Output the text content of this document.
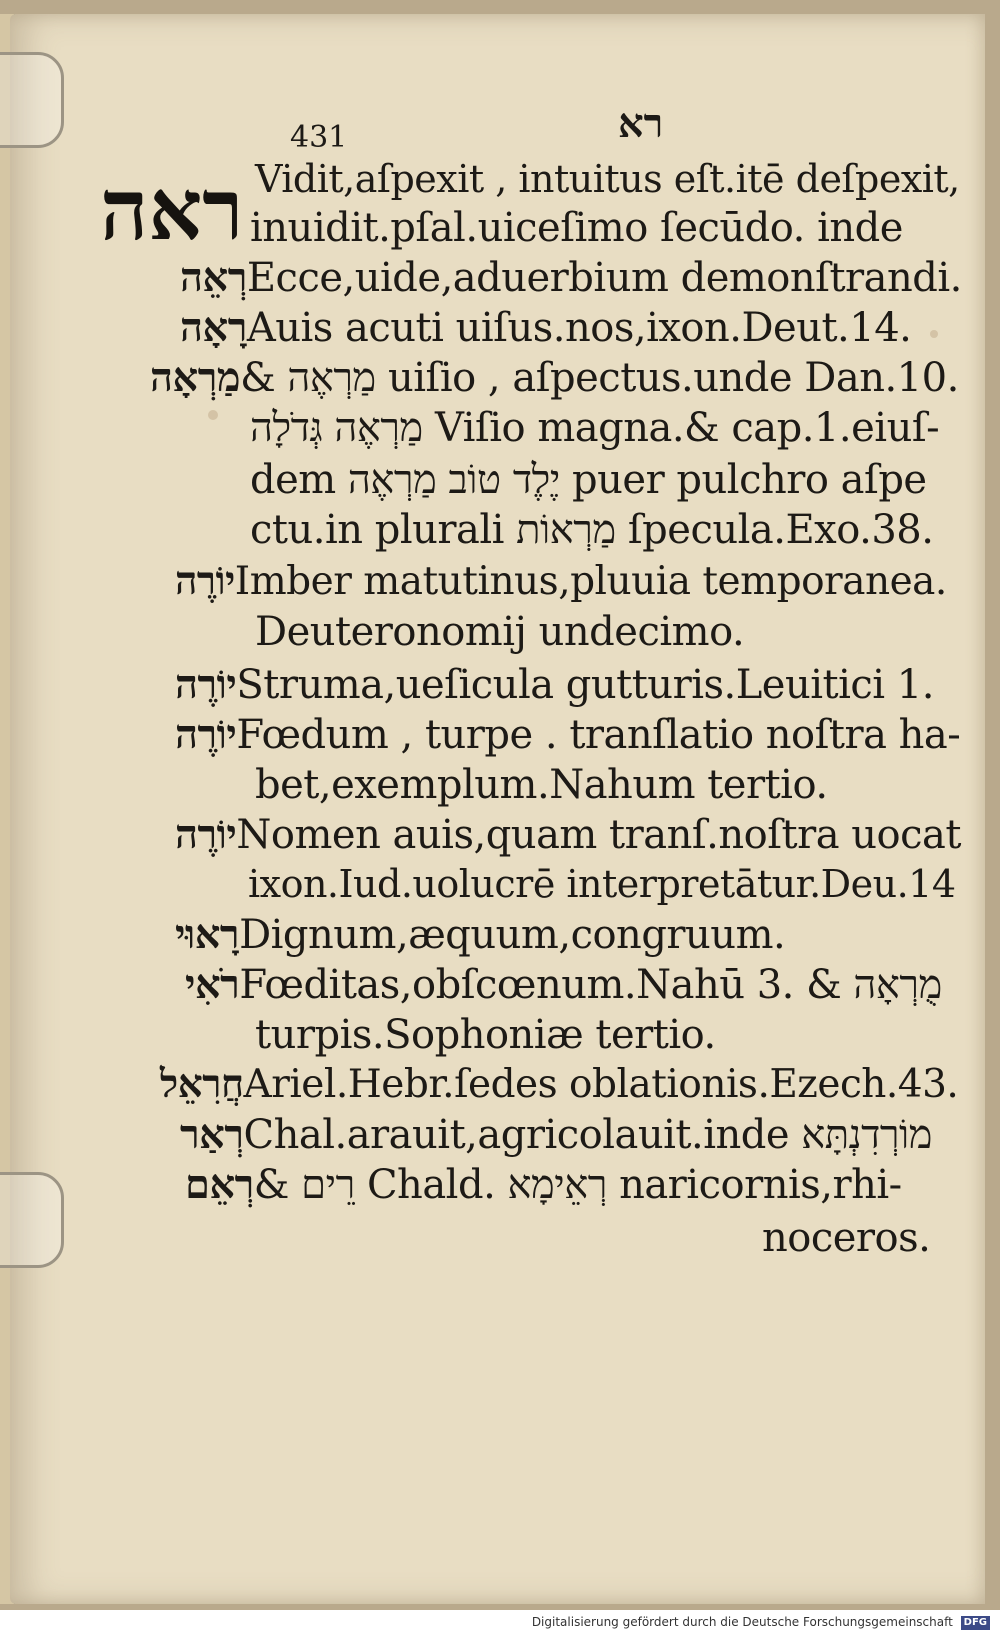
431	רא
ראה Vidit,aſpexit , intuitus eſt.itē deſpexit,
inuidit.pſal.uiceſimo ſecūdo. inde
רְאֵהEcce,uide,aduerbium demonſtrandi.
רָאָהAuis acuti uiſus.nos,ixon.Deut.14.
מַרְאָה& מַרְאֶה uiſio , aſpectus.unde Dan.10.
מַרְאֶה גְּדֹלָה Viſio magna.& cap.1.eiuſ-
dem יֶלֶד טוֹב מַרְאֶה puer pulchro aſpe
ctu.in plurali מַרְאוֹת ſpecula.Exo.38.
יוֹרֶהImber matutinus,pluuia temporanea.
Deuteronomij undecimo.
יוֹרֶהStruma,ueſicula gutturis.Leuitici 1.
יוֹרֶהFœdum , turpe . tranſlatio noſtra ha-
bet,exemplum.Nahum tertio.
יוֹרֶהNomen auis,quam tranſ.noſtra uocat
ixon.Iud.uolucrē interpretātur.Deu.14
רָאוּיDignum,æquum,congruum.
רֹאִיFœditas,obſcœnum.Nahū 3. & מֻרְאָה
turpis.Sophoniæ tertio.
חֲרִאֵלAriel.Hebr.ſedes oblationis.Ezech.43.
רְאַרChal.arauit,agricolauit.inde מוֹרְדִנְתָּא
רְאֵם& רֵים Chald. רְאֵימָא naricornis,rhi-
noceros.
Digitalisierung gefördert durch die Deutsche Forschungsgemeinschaft DFG
